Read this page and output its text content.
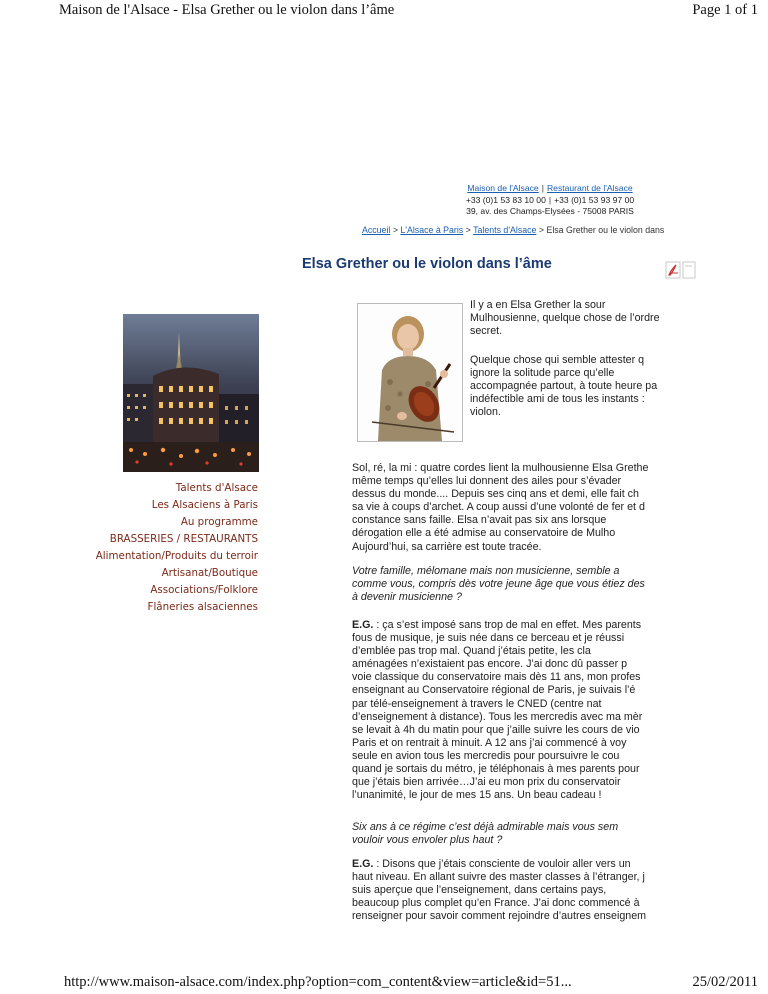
Maison de l'Alsace - Elsa Grether ou le violon dans l’âme	Page 1 of 1
Maison de l'Alsace | Restaurant de l'Alsace
+33 (0)1 53 83 10 00 | +33 (0)1 53 93 97 00
39, av. des Champs-Elysées - 75008 PARIS
Accueil > L'Alsace à Paris > Talents d'Alsace > Elsa Grether ou le violon dans
Elsa Grether ou le violon dans l’âme
Talents d'Alsace
Les Alsaciens à Paris
Au programme
BRASSERIES / RESTAURANTS
Alimentation/Produits du terroir
Artisanat/Boutique
Associations/Folklore
Flâneries alsaciennes
Il y a en Elsa Grether la sour
Mulhousienne, quelque chose de l’ordre
secret.
Quelque chose qui semble attester q
ignore la solitude parce qu’elle
accompagnée partout, à toute heure pa
indéfectible ami de tous les instants :
violon.
Sol, ré, la mi : quatre cordes lient la mulhousienne Elsa Grethe
même temps qu’elles lui donnent des ailes pour s’évader
dessus du monde.... Depuis ses cinq ans et demi, elle fait ch
sa vie à coups d’archet. A coup aussi d’une volonté de fer et d
constance sans faille. Elsa n’avait pas six ans lorsque
dérogation elle a été admise au conservatoire de Mulho
Aujourd’hui, sa carrière est toute tracée.
Votre famille, mélomane mais non musicienne, semble a
comme vous, compris dès votre jeune âge que vous étiez des
à devenir musicienne ?
E.G. : ça s’est imposé sans trop de mal en effet. Mes parents
fous de musique, je suis née dans ce berceau et je réussi
d’emblée pas trop mal. Quand j’étais petite, les cla
aménagées n’existaient pas encore. J’ai donc dû passer p
voie classique du conservatoire mais dès 11 ans, mon profes
enseignant au Conservatoire régional de Paris, je suivais l’é
par télé-enseignement à travers le CNED (centre nat
d’enseignement à distance). Tous les mercredis avec ma mèr
se levait à 4h du matin pour que j’aille suivre les cours de vio
Paris et on rentrait à minuit. A 12 ans j’ai commencé à voy
seule en avion tous les mercredis pour poursuivre le cou
quand je sortais du métro, je téléphonais à mes parents pour
que j’étais bien arrivée…J’ai eu mon prix du conservatoir
l’unanimité, le jour de mes 15 ans. Un beau cadeau !
Six ans à ce régime c’est déjà admirable mais vous sem
vouloir vous envoler plus haut ?
E.G. : Disons que j’étais consciente de vouloir aller vers un
haut niveau. En allant suivre des master classes à l’étranger, j
suis aperçue que l’enseignement, dans certains pays,
beaucoup plus complet qu’en France. J’ai donc commencé à
renseigner pour savoir comment rejoindre d’autres enseignem
http://www.maison-alsace.com/index.php?option=com_content&view=article&id=51...	25/02/2011
